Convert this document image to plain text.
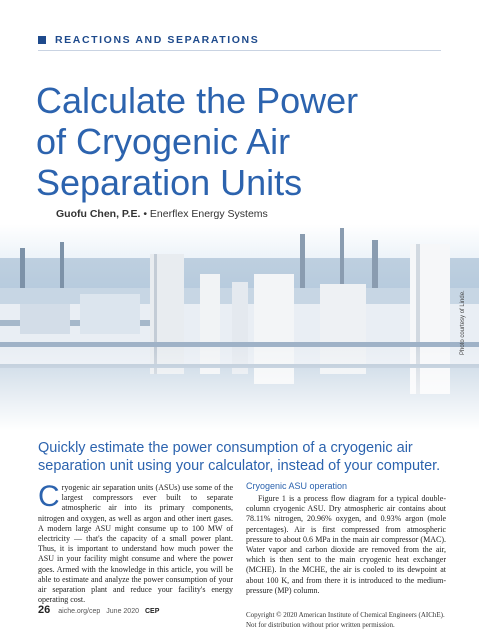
REACTIONS AND SEPARATIONS
Calculate the Power
of Cryogenic Air
Separation Units
Guofu Chen, P.E. • Enerflex Energy Systems
Photo courtesy of Linde.

Quickly estimate the power consumption of a cryogenic air separation unit using your calculator, instead of your computer.

Cryogenic air separation units (ASUs) use some of the largest compressors ever built to separate atmospheric air into its primary components, nitrogen and oxygen, as well as argon and other inert gases. A modern large ASU might consume up to 100 MW of electricity — that's the capacity of a small power plant. Thus, it is important to understand how much power the ASU in your facility might consume and where the power goes. Armed with the knowledge in this article, you will be able to estimate and analyze the power consumption of your air separation plant and reduce your facility's energy operating cost.
Cryogenic ASU operation

Figure 1 is a process flow diagram for a typical double-column cryogenic ASU. Dry atmospheric air contains about 78.11% nitrogen, 20.96% oxygen, and 0.93% argon (mole percentages). Air is first compressed from atmospheric pressure to about 0.6 MPa in the main air compressor (MAC). Water vapor and carbon dioxide are removed from the air, which is then sent to the main cryogenic heat exchanger (MCHE). In the MCHE, the air is cooled to its dewpoint at about 100 K, and from there it is introduced to the medium-pressure (MP) column.

26 aiche.org/cep June 2020 CEP	Copyright © 2020 American Institute of Chemical Engineers (AIChE).
Not for distribution without prior written permission.
